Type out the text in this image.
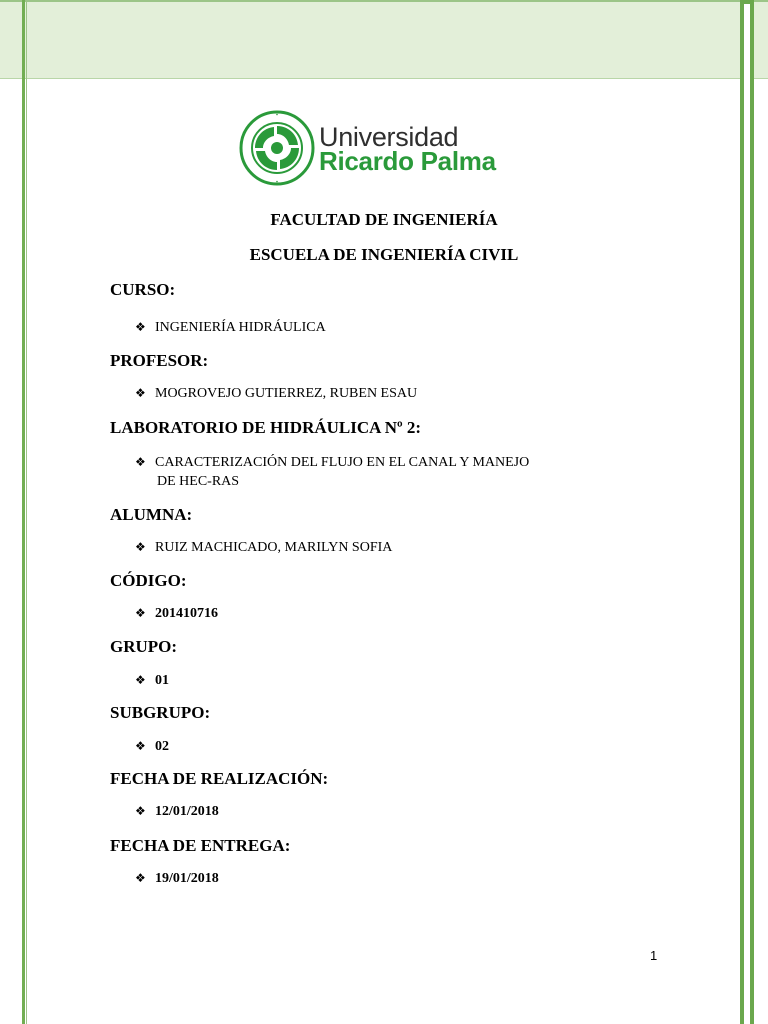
Universidad
Ricardo Palma
FACULTAD DE INGENIERÍA
ESCUELA DE INGENIERÍA CIVIL
CURSO:
❖ INGENIERÍA HIDRÁULICA
PROFESOR:
❖ MOGROVEJO GUTIERREZ, RUBEN ESAU
LABORATORIO DE HIDRÁULICA Nº 2:
❖ CARACTERIZACIÓN DEL FLUJO EN EL CANAL Y MANEJO
DE HEC-RAS
ALUMNA:
❖ RUIZ MACHICADO, MARILYN SOFIA
CÓDIGO:
❖ 201410716
GRUPO:
❖ 01
SUBGRUPO:
❖ 02
FECHA DE REALIZACIÓN:
❖ 12/01/2018
FECHA DE ENTREGA:
❖ 19/01/2018
1
